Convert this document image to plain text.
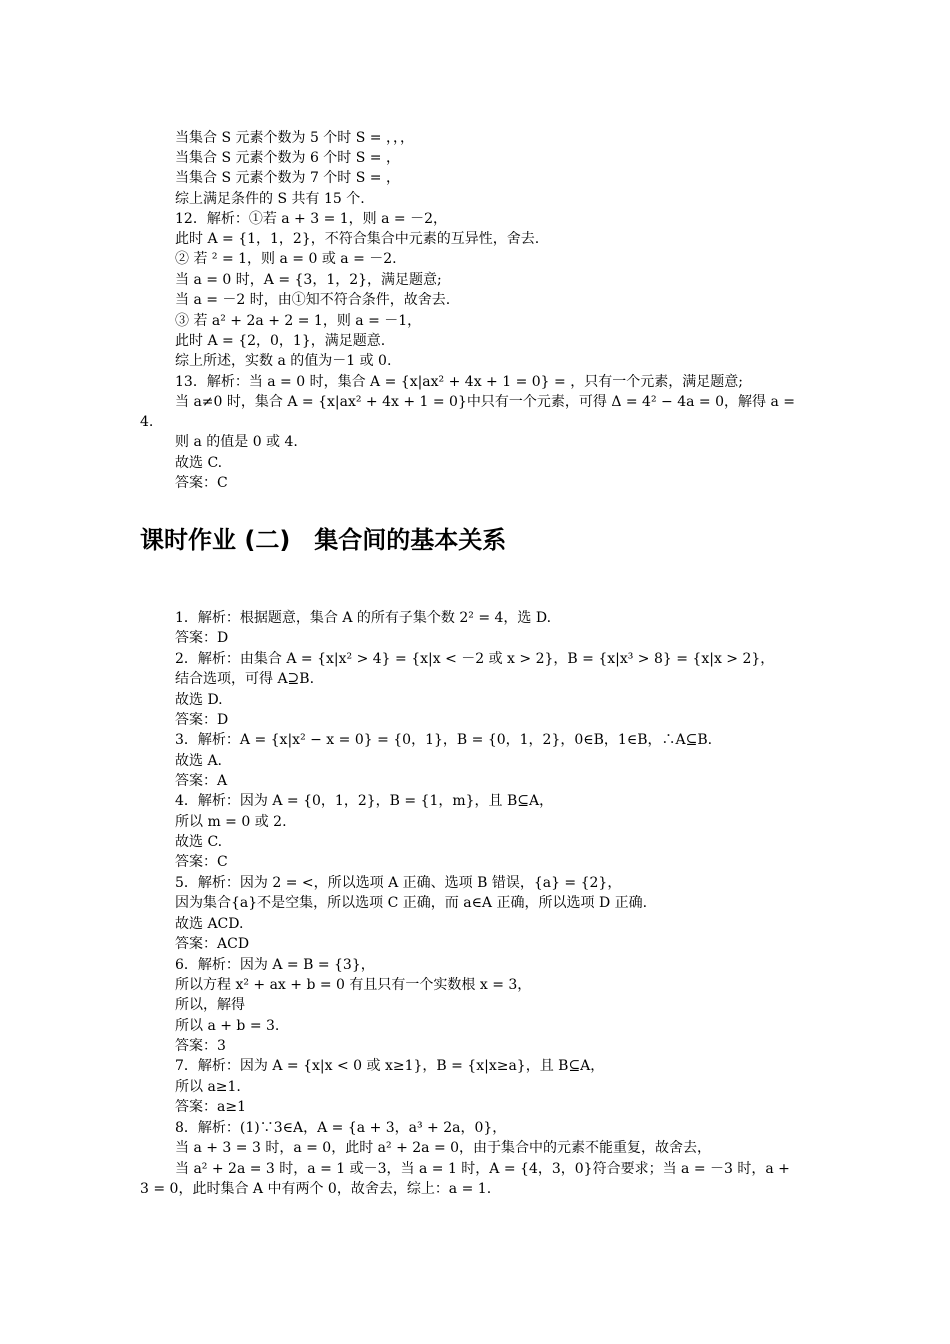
当集合 S 元素个数为 5 个时 S = ，，，
当集合 S 元素个数为 6 个时 S = ，
当集合 S 元素个数为 7 个时 S = ，
综上满足条件的 S 共有 15 个.
12．解析：①若 a + 3 = 1，则 a = －2，
此时 A = {1，1，2}，不符合集合中元素的互异性，舍去.
② 若 ² = 1，则 a = 0 或 a = －2.
当 a = 0 时，A = {3，1，2}，满足题意;
当 a = －2 时，由①知不符合条件，故舍去.
③ 若 a² + 2a + 2 = 1，则 a = －1，
此时 A = {2，0，1}，满足题意.
综上所述，实数 a 的值为－1 或 0.
13．解析：当 a = 0 时，集合 A = {x|ax² + 4x + 1 = 0} = ，只有一个元素，满足题意;
当 a≠0 时，集合 A = {x|ax² + 4x + 1 = 0}中只有一个元素，可得 Δ = 4² − 4a = 0，解得 a =
4.
则 a 的值是 0 或 4.
故选 C.
答案：C
课时作业 (二)　集合间的基本关系
1．解析：根据题意，集合 A 的所有子集个数 2² = 4，选 D.
答案：D
2．解析：由集合 A = {x|x² > 4} = {x|x < －2 或 x > 2}，B = {x|x³ > 8} = {x|x > 2}，
结合选项，可得 A⊇B.
故选 D.
答案：D
3．解析：A = {x|x² − x = 0} = {0，1}，B = {0，1，2}，0∈B，1∈B，∴A⊆B.
故选 A.
答案：A
4．解析：因为 A = {0，1，2}，B = {1，m}，且 B⊆A，
所以 m = 0 或 2.
故选 C.
答案：C
5．解析：因为 2 = <，所以选项 A 正确、选项 B 错误，{a} = {2}，
因为集合{a}不是空集，所以选项 C 正确，而 a∈A 正确，所以选项 D 正确.
故选 ACD.
答案：ACD
6．解析：因为 A = B = {3}，
所以方程 x² + ax + b = 0 有且只有一个实数根 x = 3，
所以，解得
所以 a + b = 3.
答案：3
7．解析：因为 A = {x|x < 0 或 x≥1}，B = {x|x≥a}，且 B⊆A，
所以 a≥1.
答案：a≥1
8．解析：(1)∵3∈A，A = {a + 3，a³ + 2a，0}，
当 a + 3 = 3 时，a = 0，此时 a² + 2a = 0，由于集合中的元素不能重复，故舍去，
当 a² + 2a = 3 时，a = 1 或－3，当 a = 1 时，A = {4，3，0}符合要求；当 a = －3 时，a +
3 = 0，此时集合 A 中有两个 0，故舍去，综上：a = 1.
